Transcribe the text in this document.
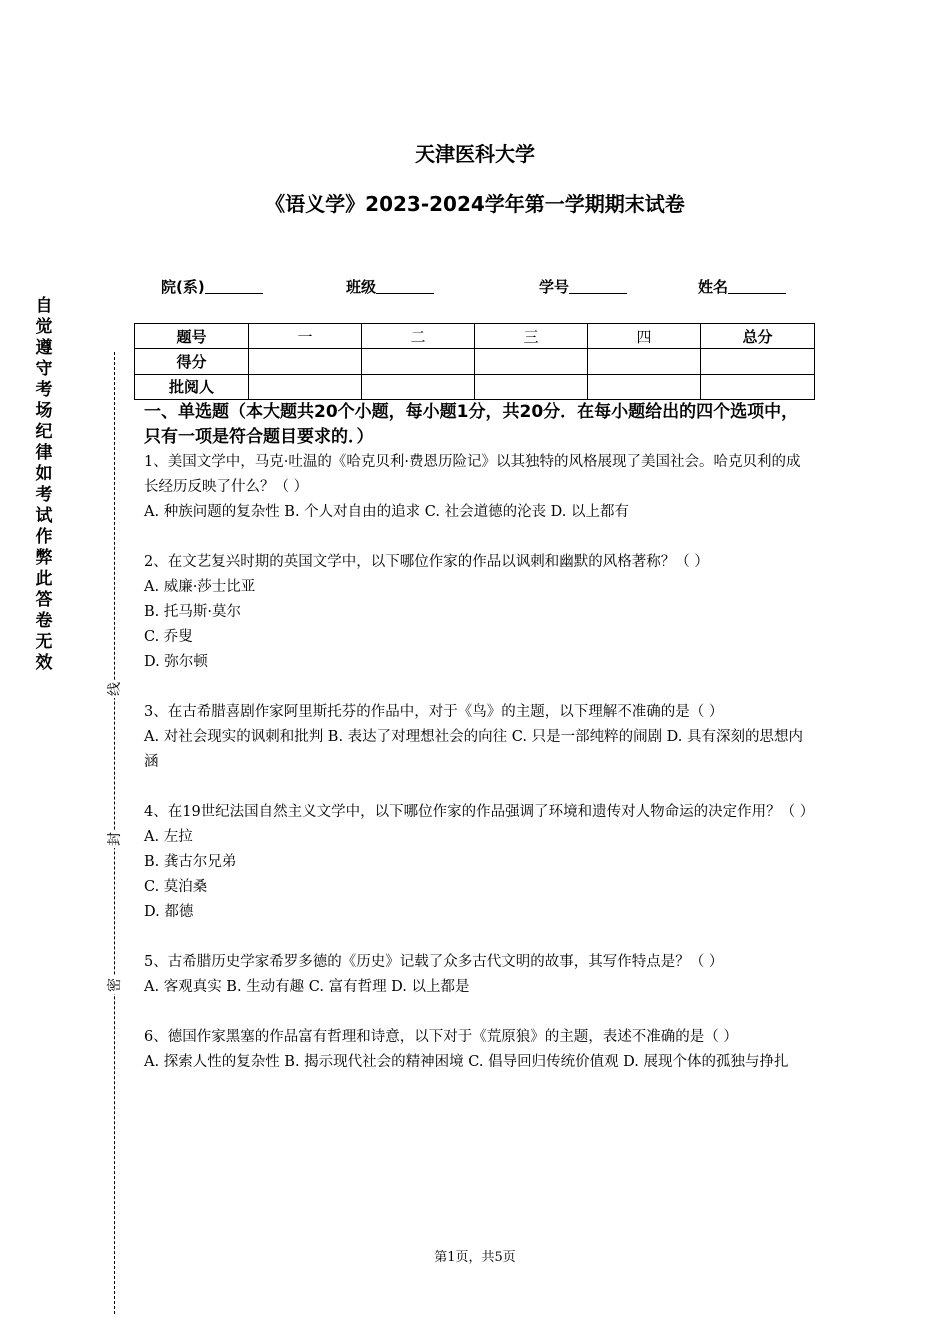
天津医科大学
《语义学》2023-2024学年第一学期期末试卷
院(系)	班级	学号	姓名
题号	一	二	三	四	总分
得分					
批阅人					
自觉遵守考场纪律如考试作弊此答卷无效
线
封
密

一、单选题（本大题共20个小题，每小题1分，共20分．在每小题给出的四个选项中，只有一项是符合题目要求的．）

1、美国文学中，马克·吐温的《哈克贝利·费恩历险记》以其独特的风格展现了美国社会。哈克贝利的成长经历反映了什么？（ ）

A. 种族问题的复杂性 B. 个人对自由的追求 C. 社会道德的沦丧 D. 以上都有

2、在文艺复兴时期的英国文学中，以下哪位作家的作品以讽刺和幽默的风格著称？（ ）

A. 威廉·莎士比亚

B. 托马斯·莫尔

C. 乔叟

D. 弥尔顿

3、在古希腊喜剧作家阿里斯托芬的作品中，对于《鸟》的主题，以下理解不准确的是（ ）

A. 对社会现实的讽刺和批判 B. 表达了对理想社会的向往 C. 只是一部纯粹的闹剧 D. 具有深刻的思想内涵

4、在19世纪法国自然主义文学中，以下哪位作家的作品强调了环境和遗传对人物命运的决定作用？（ ）

A. 左拉

B. 龚古尔兄弟

C. 莫泊桑

D. 都德

5、古希腊历史学家希罗多德的《历史》记载了众多古代文明的故事，其写作特点是？（ ）

A. 客观真实 B. 生动有趣 C. 富有哲理 D. 以上都是

6、德国作家黑塞的作品富有哲理和诗意，以下对于《荒原狼》的主题，表述不准确的是（ ）

A. 探索人性的复杂性 B. 揭示现代社会的精神困境 C. 倡导回归传统价值观 D. 展现个体的孤独与挣扎

第1页，共5页
